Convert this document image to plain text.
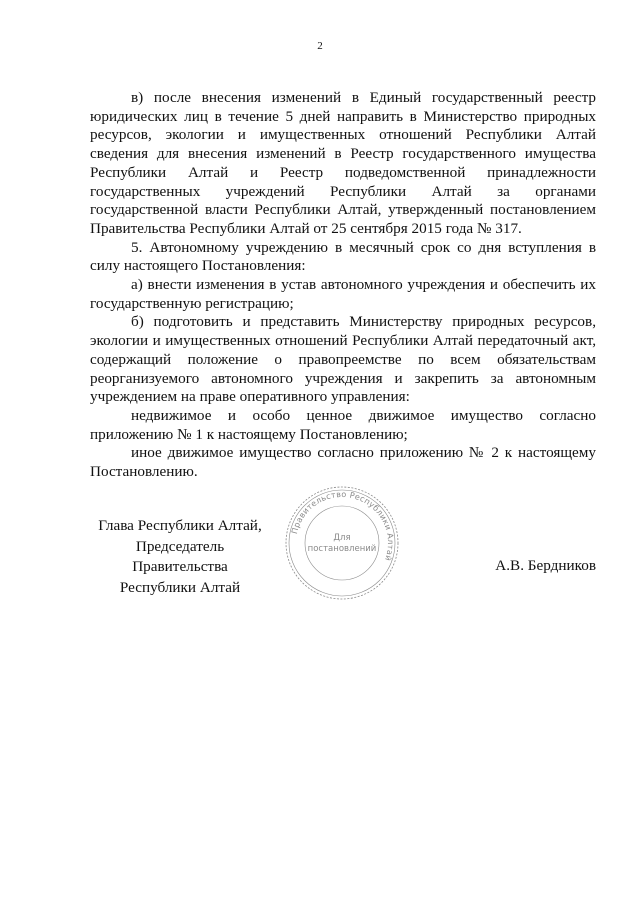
2

в) после внесения изменений в Единый государственный реестр юридических лиц в течение 5 дней направить в Министерство природных ресурсов, экологии и имущественных отношений Республики Алтай сведения для внесения изменений в Реестр государственного имущества Республики Алтай и Реестр подведомственной принадлежности государственных учреждений Республики Алтай за органами государственной власти Республики Алтай, утвержденный постановлением Правительства Республики Алтай от 25 сентября 2015 года № 317.

5. Автономному учреждению в месячный срок со дня вступления в силу настоящего Постановления:

а) внести изменения в устав автономного учреждения и обеспечить их государственную регистрацию;

б) подготовить и представить Министерству природных ресурсов, экологии и имущественных отношений Республики Алтай передаточный акт, содержащий положение о правопреемстве по всем обязательствам реорганизуемого автономного учреждения и закрепить за автономным учреждением на праве оперативного управления:

недвижимое и особо ценное движимое имущество согласно приложению № 1 к настоящему Постановлению;

иное движимое имущество согласно приложению № 2 к настоящему Постановлению.

Глава Республики Алтай,
Председатель Правительства
Республики Алтай
А.В. Бердников
Правительство Республики Алтай
Для
постановлений
